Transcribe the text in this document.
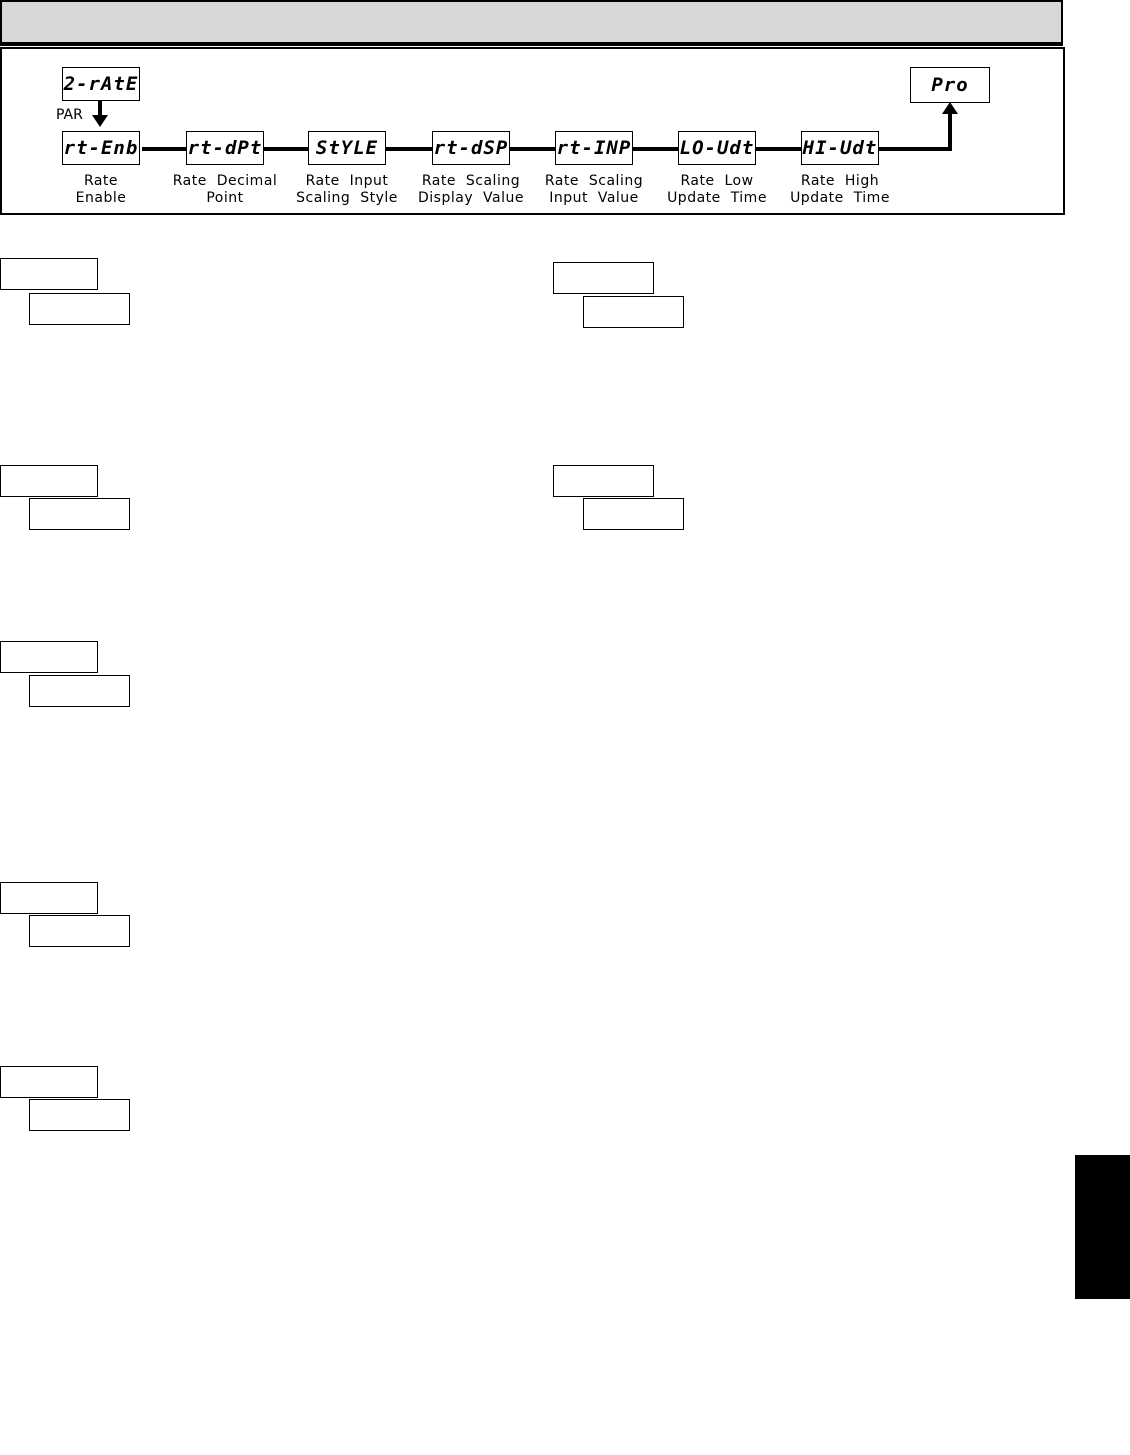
2-rAtE
PAR
Pro
rt-Enb	rt-dPt	StYLE	rt-dSP	rt-INP	LO-Udt	HI-Udt
Rate
Enable
Rate  Decimal
Point
Rate  Input
Scaling  Style
Rate  Scaling
Display  Value
Rate  Scaling
Input  Value
Rate  Low
Update  Time
Rate  High
Update  Time
